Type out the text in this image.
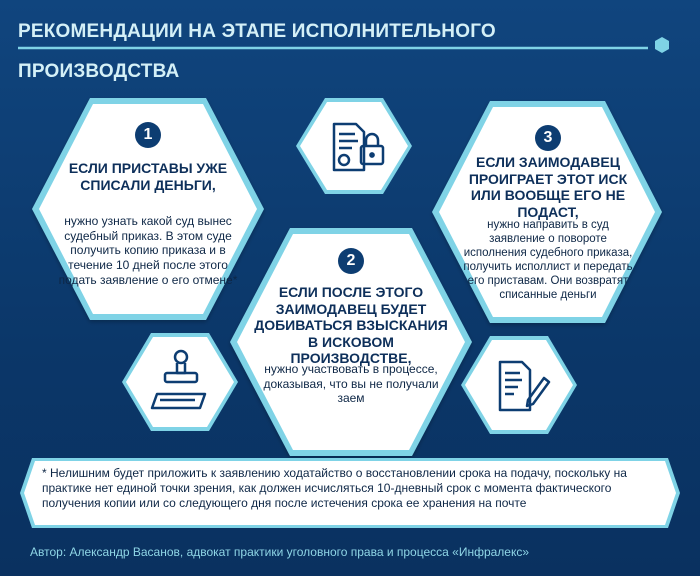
РЕКОМЕНДАЦИИ НА ЭТАПЕ ИСПОЛНИТЕЛЬНОГО ПРОИЗВОДСТВА
1
ЕСЛИ ПРИСТАВЫ УЖЕ СПИСАЛИ ДЕНЬГИ,
нужно узнать какой суд вынес судебный приказ. В этом суде получить копию приказа и в течение 10 дней после этого подать заявление о его отмене*
2
ЕСЛИ ПОСЛЕ ЭТОГО ЗАИМОДАВЕЦ БУДЕТ ДОБИВАТЬСЯ ВЗЫСКАНИЯ В ИСКОВОМ ПРОИЗВОДСТВЕ,
нужно участвовать в процессе, доказывая, что вы не получали заем
3
ЕСЛИ ЗАИМОДАВЕЦ ПРОИГРАЕТ ЭТОТ ИСК ИЛИ ВООБЩЕ ЕГО НЕ ПОДАСТ,
нужно направить в суд заявление о повороте исполнения судебного приказа, получить исполлист и передать его приставам. Они возвратят списанные деньги
* Нелишним будет приложить к заявлению ходатайство о восстановлении срока на подачу, поскольку на практике нет единой точки зрения, как должен исчисляться 10-дневный срок с момента фактического получения копии или со следующего дня после истечения срока ее хранения на почте
Автор: Александр Васанов, адвокат практики уголовного права и процесса «Инфралекс»
